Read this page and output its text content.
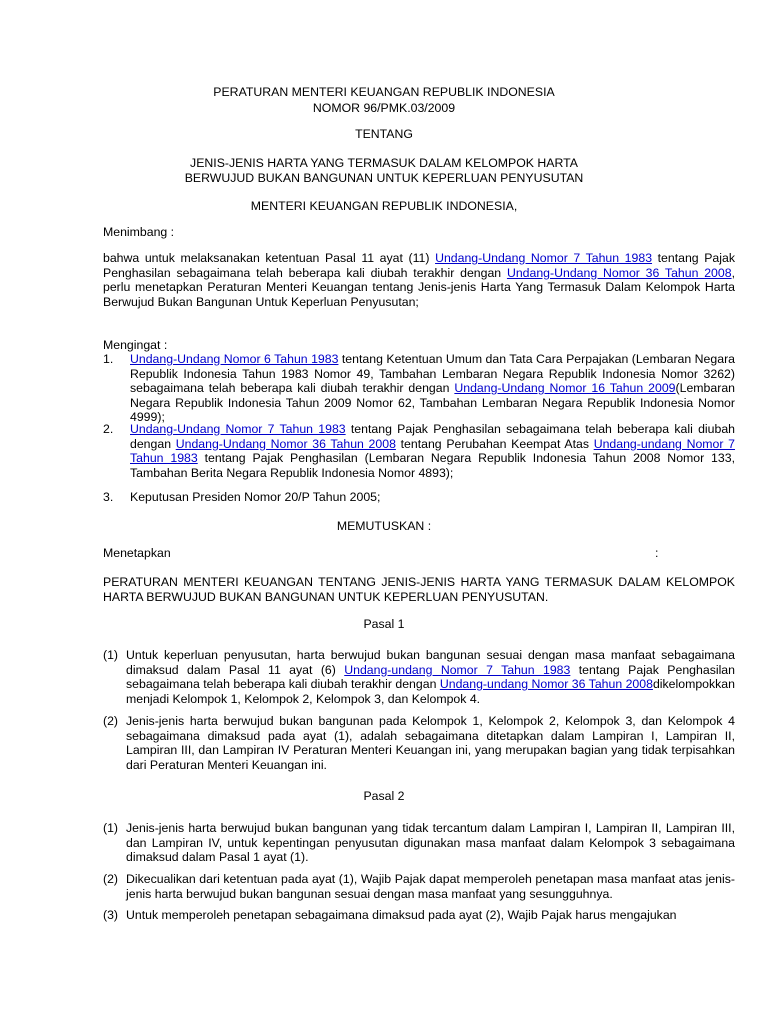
PERATURAN MENTERI KEUANGAN REPUBLIK INDONESIA
NOMOR 96/PMK.03/2009
TENTANG
JENIS-JENIS HARTA YANG TERMASUK DALAM KELOMPOK HARTA
BERWUJUD BUKAN BANGUNAN UNTUK KEPERLUAN PENYUSUTAN
MENTERI KEUANGAN REPUBLIK INDONESIA,
Menimbang :
bahwa untuk melaksanakan ketentuan Pasal 11 ayat (11) Undang-Undang Nomor 7 Tahun 1983 tentang Pajak Penghasilan sebagaimana telah beberapa kali diubah terakhir dengan Undang-Undang Nomor 36 Tahun 2008, perlu menetapkan Peraturan Menteri Keuangan tentang Jenis-jenis Harta Yang Termasuk Dalam Kelompok Harta Berwujud Bukan Bangunan Untuk Keperluan Penyusutan;
Mengingat :
1. Undang-Undang Nomor 6 Tahun 1983 tentang Ketentuan Umum dan Tata Cara Perpajakan (Lembaran Negara Republik Indonesia Tahun 1983 Nomor 49, Tambahan Lembaran Negara Republik Indonesia Nomor 3262) sebagaimana telah beberapa kali diubah terakhir dengan Undang-Undang Nomor 16 Tahun 2009(Lembaran Negara Republik Indonesia Tahun 2009 Nomor 62, Tambahan Lembaran Negara Republik Indonesia Nomor 4999);
2. Undang-Undang Nomor 7 Tahun 1983 tentang Pajak Penghasilan sebagaimana telah beberapa kali diubah dengan Undang-Undang Nomor 36 Tahun 2008 tentang Perubahan Keempat Atas Undang-undang Nomor 7 Tahun 1983 tentang Pajak Penghasilan (Lembaran Negara Republik Indonesia Tahun 2008 Nomor 133, Tambahan Berita Negara Republik Indonesia Nomor 4893);
3. Keputusan Presiden Nomor 20/P Tahun 2005;
MEMUTUSKAN :
Menetapkan	:
PERATURAN MENTERI KEUANGAN TENTANG JENIS-JENIS HARTA YANG TERMASUK DALAM KELOMPOK HARTA BERWUJUD BUKAN BANGUNAN UNTUK KEPERLUAN PENYUSUTAN.
Pasal 1
(1) Untuk keperluan penyusutan, harta berwujud bukan bangunan sesuai dengan masa manfaat sebagaimana dimaksud dalam Pasal 11 ayat (6) Undang-undang Nomor 7 Tahun 1983 tentang Pajak Penghasilan sebagaimana telah beberapa kali diubah terakhir dengan Undang-undang Nomor 36 Tahun 2008dikelompokkan menjadi Kelompok 1, Kelompok 2, Kelompok 3, dan Kelompok 4.
(2) Jenis-jenis harta berwujud bukan bangunan pada Kelompok 1, Kelompok 2, Kelompok 3, dan Kelompok 4 sebagaimana dimaksud pada ayat (1), adalah sebagaimana ditetapkan dalam Lampiran I, Lampiran II, Lampiran III, dan Lampiran IV Peraturan Menteri Keuangan ini, yang merupakan bagian yang tidak terpisahkan dari Peraturan Menteri Keuangan ini.
Pasal 2
(1) Jenis-jenis harta berwujud bukan bangunan yang tidak tercantum dalam Lampiran I, Lampiran II, Lampiran III, dan Lampiran IV, untuk kepentingan penyusutan digunakan masa manfaat dalam Kelompok 3 sebagaimana dimaksud dalam Pasal 1 ayat (1).
(2) Dikecualikan dari ketentuan pada ayat (1), Wajib Pajak dapat memperoleh penetapan masa manfaat atas jenis-jenis harta berwujud bukan bangunan sesuai dengan masa manfaat yang sesungguhnya.
(3) Untuk memperoleh penetapan sebagaimana dimaksud pada ayat (2), Wajib Pajak harus mengajukan
